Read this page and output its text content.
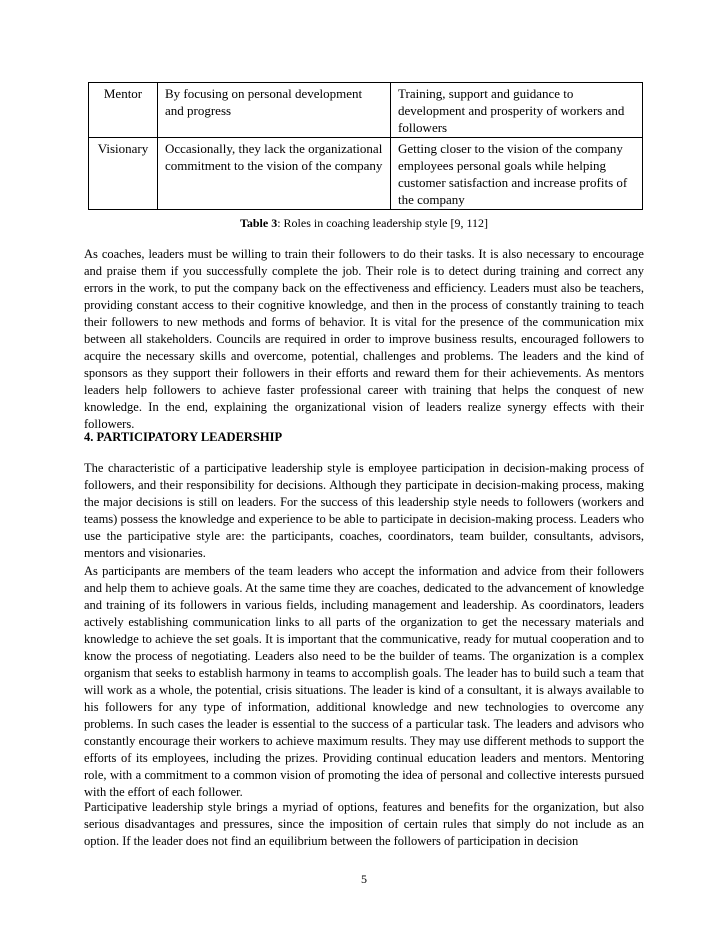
Mentor	By focusing on personal development and progress	Training, support and guidance to development and prosperity of workers and followers
Visionary	Occasionally, they lack the organizational commitment to the vision of the company	Getting closer to the vision of the company employees personal goals while helping customer satisfaction and increase profits of the company
Table 3: Roles in coaching leadership style [9, 112]

As coaches, leaders must be willing to train their followers to do their tasks. It is also necessary to encourage and praise them if you successfully complete the job. Their role is to detect during training and correct any errors in the work, to put the company back on the effectiveness and efficiency. Leaders must also be teachers, providing constant access to their cognitive knowledge, and then in the process of constantly training to teach their followers to new methods and forms of behavior. It is vital for the presence of the communication mix between all stakeholders. Councils are required in order to improve business results, encouraged followers to acquire the necessary skills and overcome, potential, challenges and problems. The leaders and the kind of sponsors as they support their followers in their efforts and reward them for their achievements. As mentors leaders help followers to achieve faster professional career with training that helps the conquest of new knowledge. In the end, explaining the organizational vision of leaders realize synergy effects with their followers.

4. PARTICIPATORY LEADERSHIP

The characteristic of a participative leadership style is employee participation in decision-making process of followers, and their responsibility for decisions. Although they participate in decision-making process, making the major decisions is still on leaders. For the success of this leadership style needs to followers (workers and teams) possess the knowledge and experience to be able to participate in decision-making process. Leaders who use the participative style are: the participants, coaches, coordinators, team builder, consultants, advisors, mentors and visionaries.

As participants are members of the team leaders who accept the information and advice from their followers and help them to achieve goals. At the same time they are coaches, dedicated to the advancement of knowledge and training of its followers in various fields, including management and leadership. As coordinators, leaders actively establishing communication links to all parts of the organization to get the necessary materials and knowledge to achieve the set goals. It is important that the communicative, ready for mutual cooperation and to know the process of negotiating. Leaders also need to be the builder of teams. The organization is a complex organism that seeks to establish harmony in teams to accomplish goals. The leader has to build such a team that will work as a whole, the potential, crisis situations. The leader is kind of a consultant, it is always available to his followers for any type of information, additional knowledge and new technologies to overcome any problems. In such cases the leader is essential to the success of a particular task. The leaders and advisors who constantly encourage their workers to achieve maximum results. They may use different methods to support the efforts of its employees, including the prizes. Providing continual education leaders and mentors. Mentoring role, with a commitment to a common vision of promoting the idea of personal and collective interests pursued with the effort of each follower.

Participative leadership style brings a myriad of options, features and benefits for the organization, but also serious disadvantages and pressures, since the imposition of certain rules that simply do not include as an option. If the leader does not find an equilibrium between the followers of participation in decision

5
